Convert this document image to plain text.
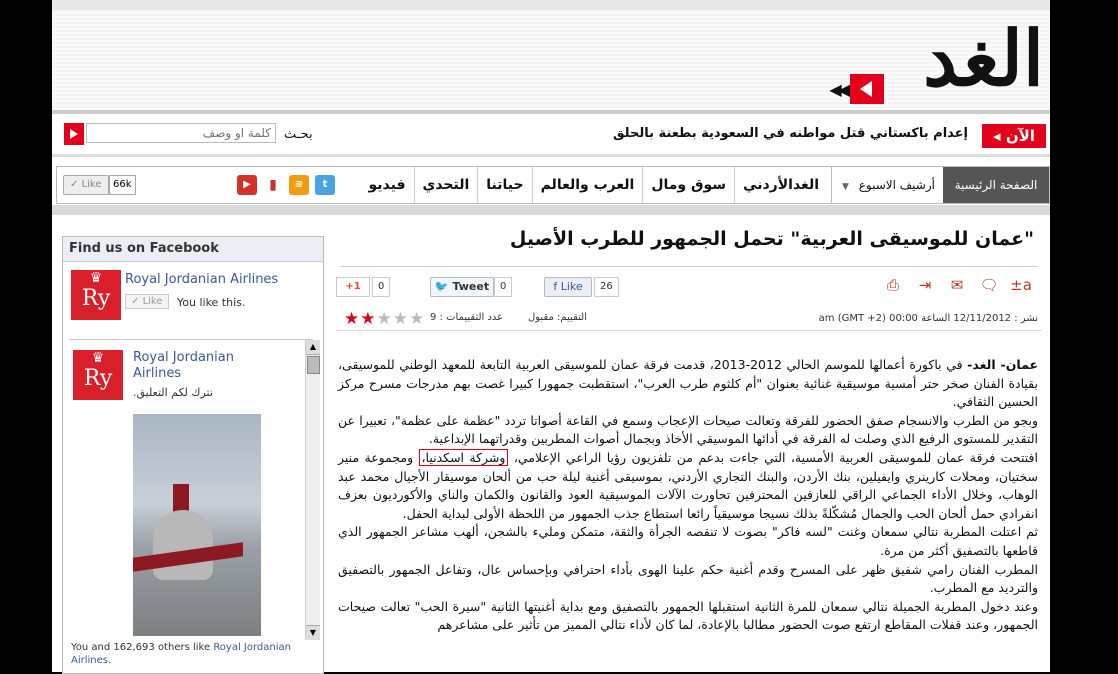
الغد
◀◀
الآن ◂
إعدام باكستاني قتل مواطنه في السعودية بطعنة بالحلق
بحـث
كلمة او وصف
الصفحة الرئيسية
أرشيف الاسبوع ▼
الغدالأردني
سوق ومال
العرب والعالم
حياتنا
التحدي
فيديو
▶	▮	≋	t
66k
✓ Like
Find us on Facebook
♛ Ry
Royal Jordanian Airlines
✓ Like	You like this.
♛ Ry
Royal Jordanian Airlines
نترك لكم التعليق.
▲
▼
You and 162,693 others like Royal Jordanian Airlines.
"عمان للموسيقى العربية" تحمل الجمهور للطرب الأصيل
+1	0	🐦 Tweet	0	f Like	26	a±
🗨
✉
⇥
⎙
★ ★ ★ ★ ★ عدد التقييمات : 9 التقييم: مقبول	نشر : 12/11/2012 الساعة 00:00 am (GMT +2)

عمان- الغد- في باكورة أعمالها للموسم الحالي 2012-2013، قدمت فرقة عمان للموسيقى العربية التابعة للمعهد الوطني للموسيقى، بقيادة الفنان صخر حتر أمسية موسيقية غنائية بعنوان "أم كلثوم طرب العرب"، استقطبت جمهورا كبيرا غصت بهم مدرجات مسرح مركز الحسين الثقافي.

وبجو من الطرب والانسجام صفق الحضور للفرقة وتعالت صيحات الإعجاب وسمع في القاعة أصواتا تردد "عظمة على عظمة"، تعبيرا عن التقدير للمستوى الرفيع الذي وصلت له الفرقة في أدائها الموسيقي الأخاذ وبجمال أصوات المطربين وقدراتهما الإبداعية.

افتتحت فرقة عمان للموسيقى العربية الأمسية، التي جاءت بدعم من تلفزيون رؤيا الراعي الإعلامي، وشركة اسكدنيا، ومجموعة منير سختيان، ومحلات كارينري وايفيلين، بنك الأردن، والبنك التجاري الأردني، بموسيقى أغنية ليلة حب من ألحان موسيقار الأجيال محمد عبد الوهاب، وخلال الأداء الجماعي الراقي للعازفين المحترفين تحاورت الآلات الموسيقية العود والقانون والكمان والناي والأكورديون بعزف انفرادي حمل ألحان الحب والجمال مُشكّلةً بذلك نسيجا موسيقياً رائعا استطاع جذب الجمهور من اللحظة الأولى لبداية الحفل.

ثم اعتلت المطربة نتالي سمعان وغنت "لسه فاكر" بصوت لا تنقصه الجرأة والثقة، متمكن ومليء بالشجن، ألهب مشاعر الجمهور الذي قاطعها بالتصفيق أكثر من مرة.

المطرب الفنان رامي شفيق ظهر على المسرح وقدم أغنية حكم علينا الهوى بأداء احترافي وبإحساس عال، وتفاعل الجمهور بالتصفيق والترديد مع المطرب.

وعند دخول المطربة الجميلة نتالي سمعان للمرة الثانية استقبلها الجمهور بالتصفيق ومع بداية أغنيتها الثانية "سيرة الحب" تعالت صيحات الجمهور، وعند قفلات المقاطع ارتفع صوت الحضور مطالبا بالإعادة، لما كان لأداء نتالي المميز من تأثير على مشاعرهم
